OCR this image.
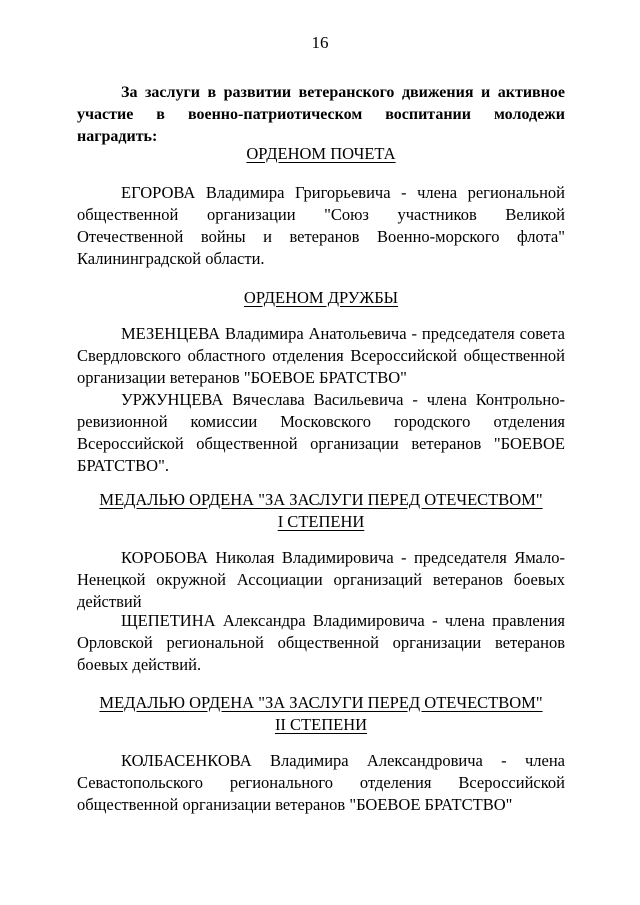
16
За заслуги в развитии ветеранского движения и активное
участие в военно-патриотическом воспитании молодежи
наградить:
ОРДЕНОМ ПОЧЕТА
ЕГОРОВА Владимира Григорьевича - члена региональной
общественной организации "Союз участников Великой
Отечественной войны и ветеранов Военно-морского флота"
Калининградской области.
ОРДЕНОМ ДРУЖБЫ
МЕЗЕНЦЕВА Владимира Анатольевича - председателя совета
Свердловского областного отделения Всероссийской общественной
организации ветеранов "БОЕВОЕ БРАТСТВО"
УРЖУНЦЕВА Вячеслава Васильевича - члена Контрольно-
ревизионной комиссии Московского городского отделения
Всероссийской общественной организации ветеранов "БОЕВОЕ
БРАТСТВО".
МЕДАЛЬЮ ОРДЕНА "ЗА ЗАСЛУГИ ПЕРЕД ОТЕЧЕСТВОМ"
I СТЕПЕНИ
КОРОБОВА Николая Владимировича - председателя Ямало-
Ненецкой окружной Ассоциации организаций ветеранов боевых
действий
ЩЕПЕТИНА Александра Владимировича - члена правления
Орловской региональной общественной организации ветеранов
боевых действий.
МЕДАЛЬЮ ОРДЕНА "ЗА ЗАСЛУГИ ПЕРЕД ОТЕЧЕСТВОМ"
II СТЕПЕНИ
КОЛБАСЕНКОВА Владимира Александровича - члена
Севастопольского регионального отделения Всероссийской
общественной организации ветеранов "БОЕВОЕ БРАТСТВО"
